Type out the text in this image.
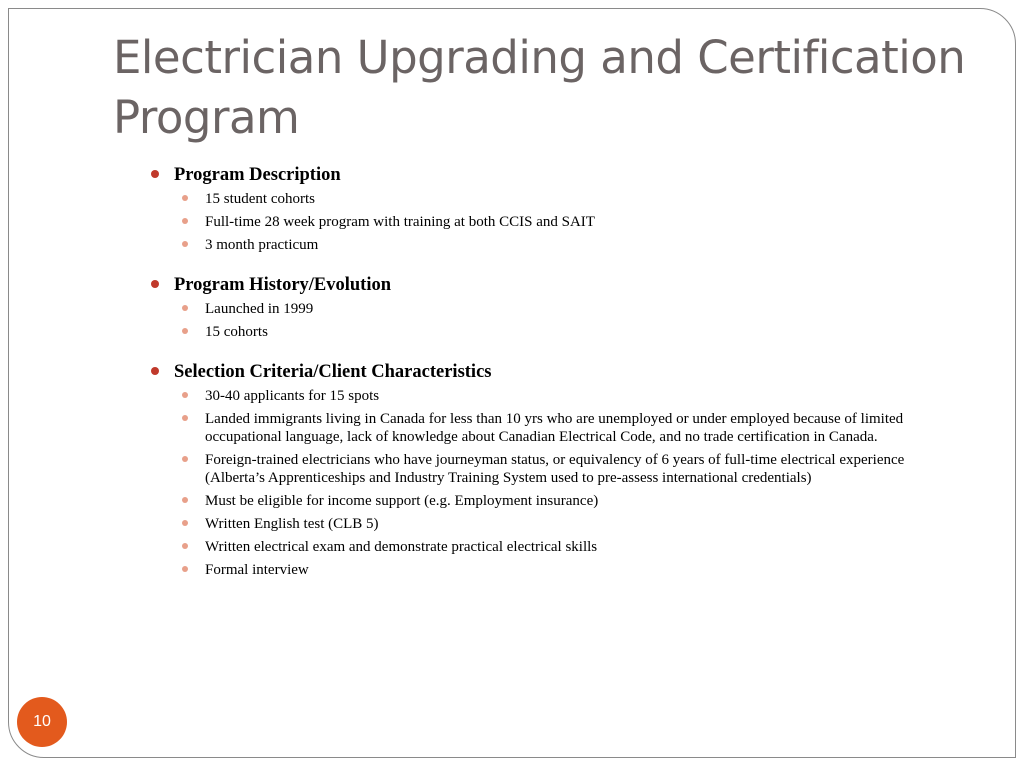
Electrician Upgrading and Certification Program
Program Description
15 student cohorts
Full-time 28 week program with training at both CCIS and SAIT
3 month practicum
Program History/Evolution
Launched in 1999
15 cohorts
Selection Criteria/Client Characteristics
30-40 applicants for 15 spots
Landed immigrants living in Canada for less than 10 yrs who are unemployed or under employed because of limited occupational language, lack of knowledge about Canadian Electrical Code, and no trade certification in Canada.
Foreign-trained electricians who have journeyman status, or equivalency of 6 years of full-time electrical experience (Alberta’s Apprenticeships and Industry Training System used to pre-assess international credentials)
Must be eligible for income support (e.g. Employment insurance)
Written English test (CLB 5)
Written electrical exam and demonstrate practical electrical skills
Formal interview
10
